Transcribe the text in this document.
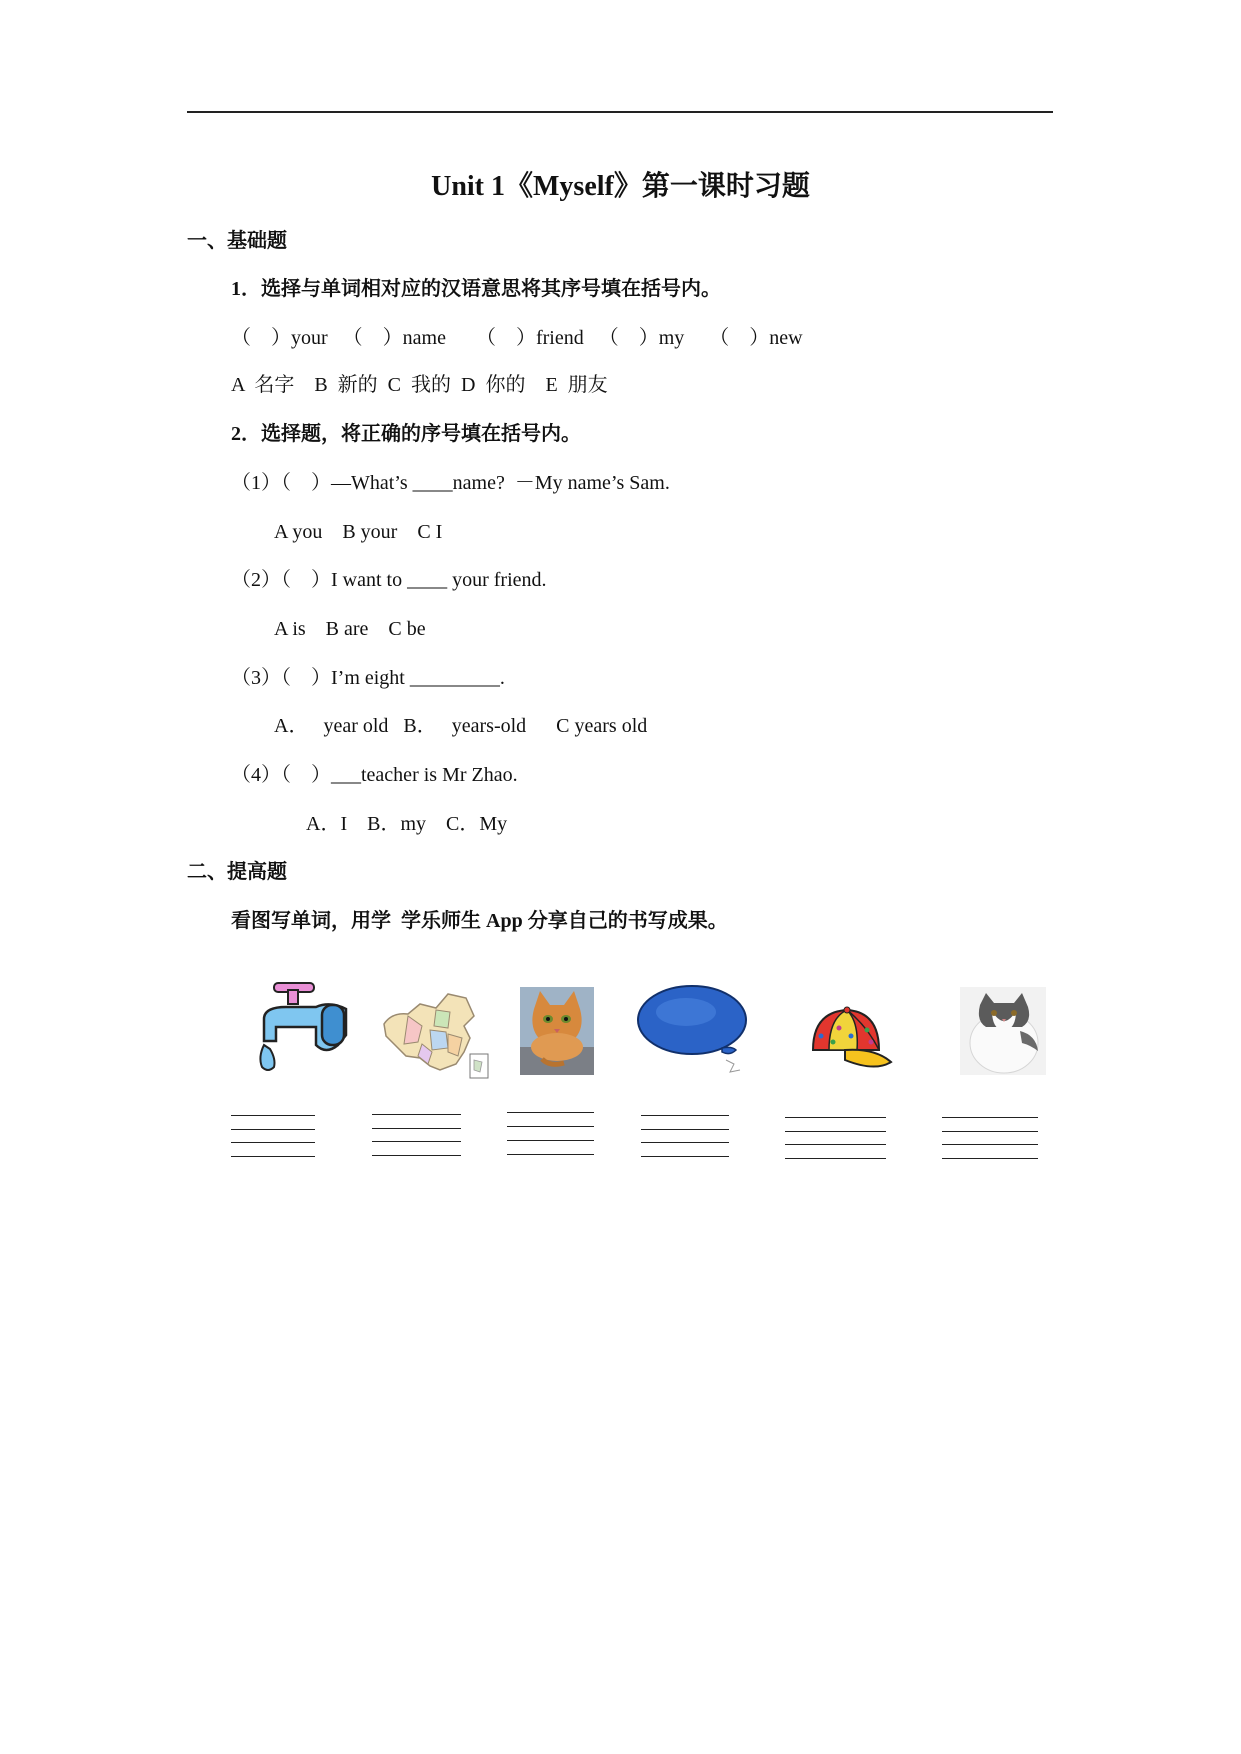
Unit 1《Myself》第一课时习题
一、基础题
1．选择与单词相对应的汉语意思将其序号填在括号内。
（    ）your   （    ）name      （    ）friend   （    ）my     （    ）new
A  名字    B  新的  C  我的  D  你的    E  朋友
2．选择题，将正确的序号填在括号内。
（1）（    ）—What’s ____name?  －My name’s Sam.
A you    B your    C I
（2）（    ）I want to ____ your friend.
A is    B are    C be
（3）（    ）I’m eight _________.
A．   year old   B．   years-old      C years old
（4）（    ）___teacher is Mr Zhao.
A．I    B．my    C．My
二、提高题
看图写单词，用学  学乐师生 App 分享自己的书写成果。
